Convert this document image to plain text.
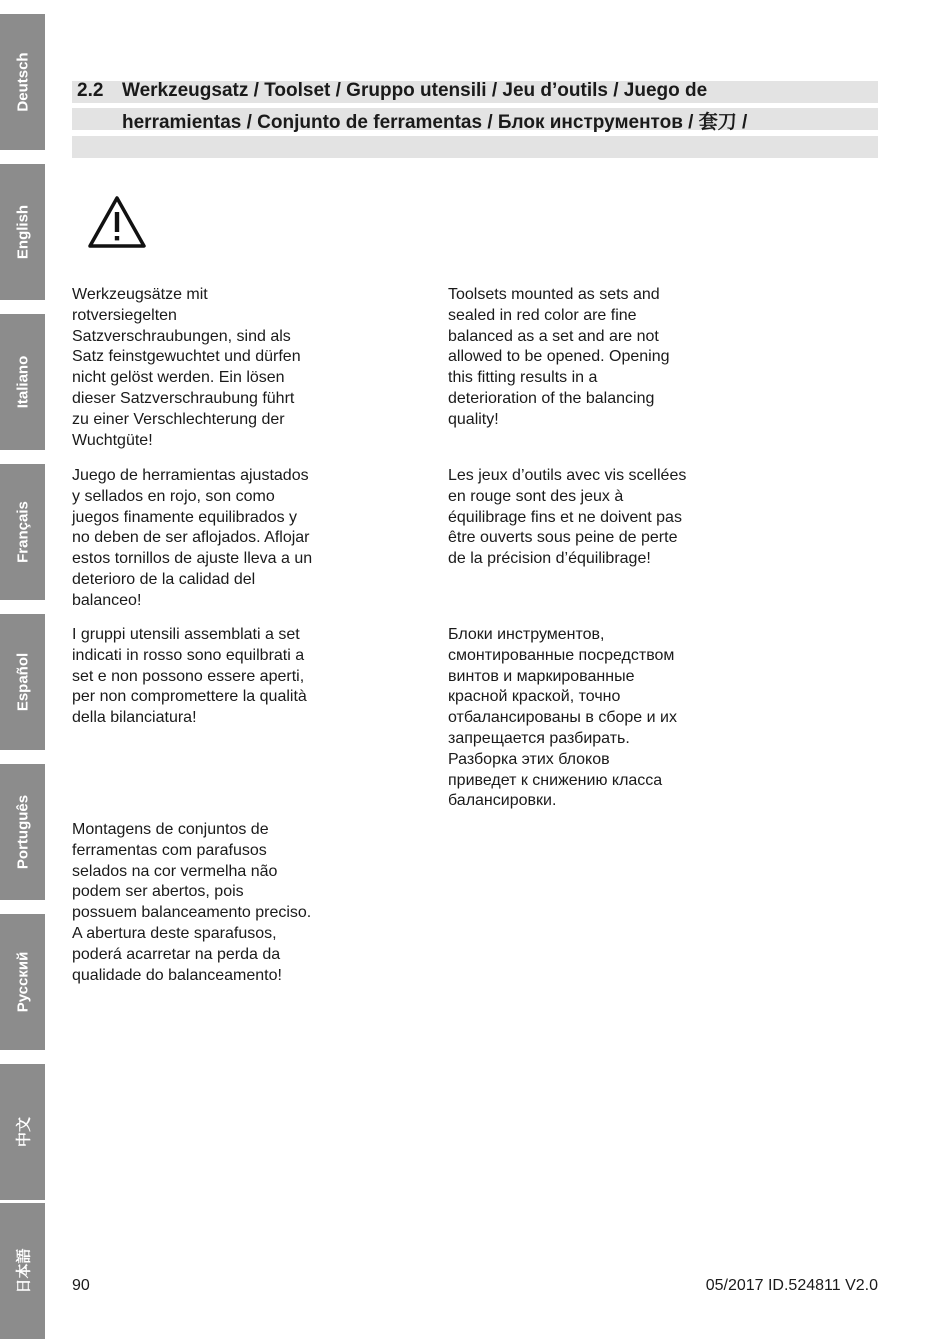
Deutsch
English
Italiano
Français
Español
Português
Русский
中文
日本語
2.2 Werkzeugsatz / Toolset / Gruppo utensili / Jeu d’outils / Juego de
herramientas / Conjunto de ferramentas / Блок инструментов / 套刀 /
Werkzeugsätze mit
rotversiegelten
Satzverschraubungen, sind als
Satz feinstgewuchtet und dürfen
nicht gelöst werden. Ein lösen
dieser Satzverschraubung führt
zu einer Verschlechterung der
Wuchtgüte!
Juego de herramientas ajustados
y sellados en rojo, son como
juegos finamente equilibrados y
no deben de ser aflojados. Aflojar
estos tornillos de ajuste lleva a un
deterioro de la calidad del
balanceo!
I gruppi utensili assemblati a set
indicati in rosso sono equilbrati a
set e non possono essere aperti,
per non compromettere la qualità
della bilanciatura!
Montagens de conjuntos de
ferramentas com parafusos
selados na cor vermelha não
podem ser abertos, pois
possuem balanceamento preciso.
A abertura deste sparafusos,
poderá acarretar na perda da
qualidade do balanceamento!
Toolsets mounted as sets and
sealed in red color are fine
balanced as a set and are not
allowed to be opened. Opening
this fitting results in a
deterioration of the balancing
quality!
Les jeux d’outils avec vis scellées
en rouge sont des jeux à
équilibrage fins et ne doivent pas
être ouverts sous peine de perte
de la précision d’équilibrage!
Блоки инструментов,
смонтированные посредством
винтов и маркированные
красной краской, точно
отбалансированы в сборе и их
запрещается разбирать.
Разборка этих блоков
приведет к снижению класса
балансировки.
90	05/2017 ID.524811 V2.0
